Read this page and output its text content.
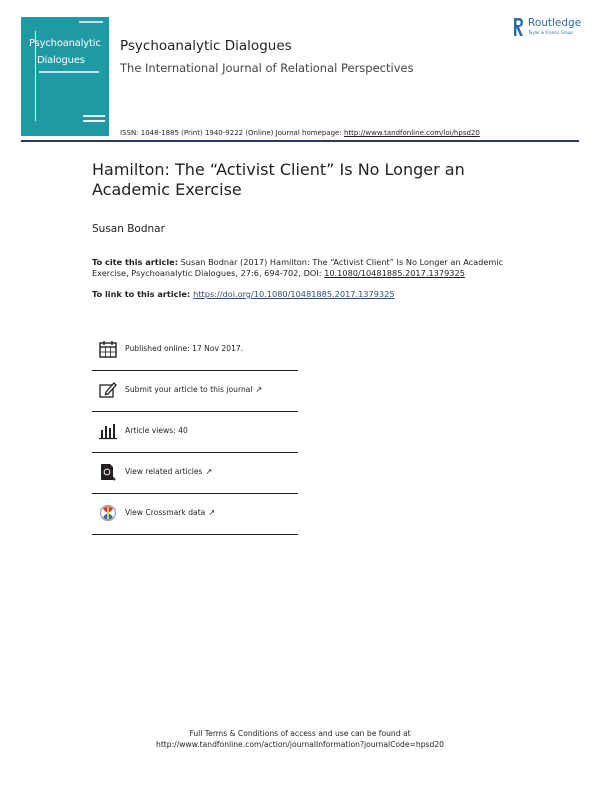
Psychoanalytic
Dialogues
Psychoanalytic Dialogues
The International Journal of Relational Perspectives
Routledge
Taylor & Francis Group
ISSN: 1048-1885 (Print) 1940-9222 (Online) Journal homepage: http://www.tandfonline.com/loi/hpsd20
Hamilton: The “Activist Client” Is No Longer an Academic Exercise
Susan Bodnar
To cite this article: Susan Bodnar (2017) Hamilton: The “Activist Client” Is No Longer an Academic Exercise, Psychoanalytic Dialogues, 27:6, 694-702, DOI: 10.1080/10481885.2017.1379325
To link to this article: https://doi.org/10.1080/10481885.2017.1379325
Published online: 17 Nov 2017.
Submit your article to this journal ↗
Article views: 40
View related articles ↗
View Crossmark data ↗
Full Terms & Conditions of access and use can be found at
http://www.tandfonline.com/action/journalInformation?journalCode=hpsd20
